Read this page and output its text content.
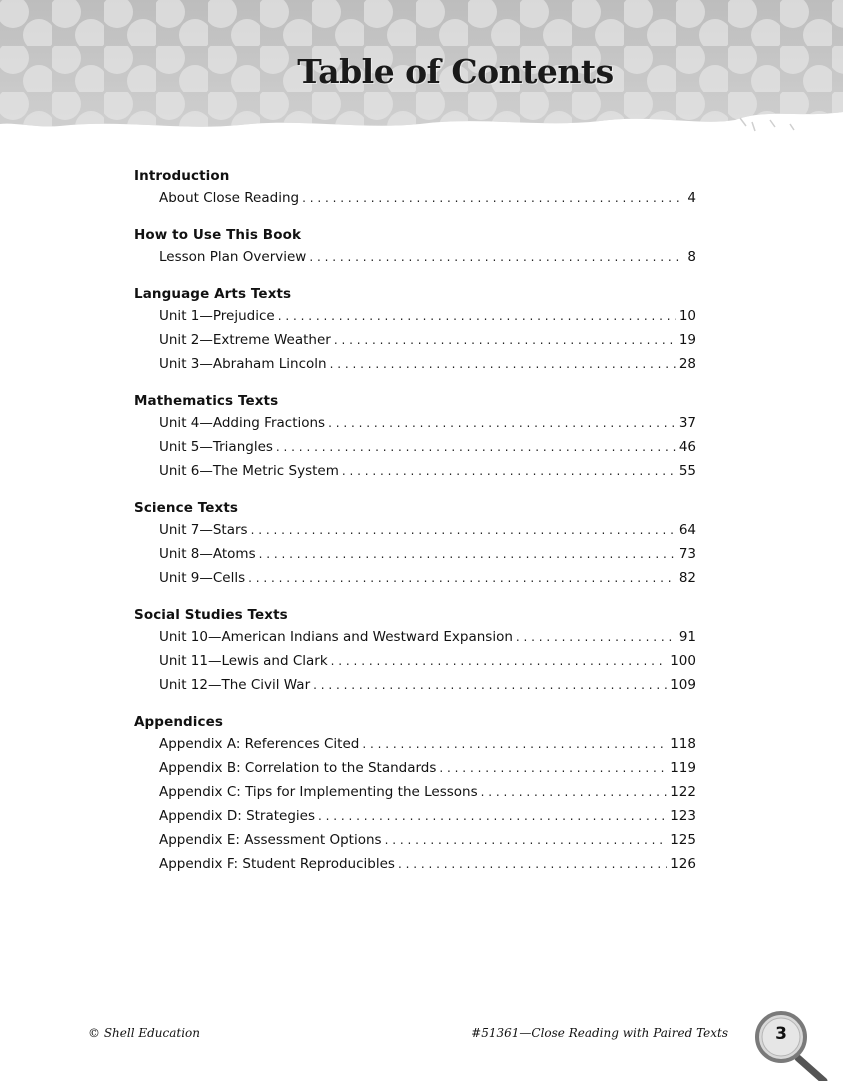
Table of Contents
Introduction
About Close Reading . . .	4
How to Use This Book
Lesson Plan Overview . . .	8
Language Arts Texts
Unit 1—Prejudice . . .	10
Unit 2—Extreme Weather . . .	19
Unit 3—Abraham Lincoln . . .	28
Mathematics Texts
Unit 4—Adding Fractions . . .	37
Unit 5—Triangles . . .	46
Unit 6—The Metric System . . .	55
Science Texts
Unit 7—Stars . . .	64
Unit 8—Atoms . . .	73
Unit 9—Cells . . .	82
Social Studies Texts
Unit 10—American Indians and Westward Expansion . . .	91
Unit 11—Lewis and Clark . . .	100
Unit 12—The Civil War . . .	109
Appendices
Appendix A: References Cited . . .	118
Appendix B: Correlation to the Standards . . .	119
Appendix C: Tips for Implementing the Lessons . . .	122
Appendix D: Strategies . . .	123
Appendix E: Assessment Options . . .	125
Appendix F: Student Reproducibles . . .	126
© Shell Education	#51361—Close Reading with Paired Texts	3
